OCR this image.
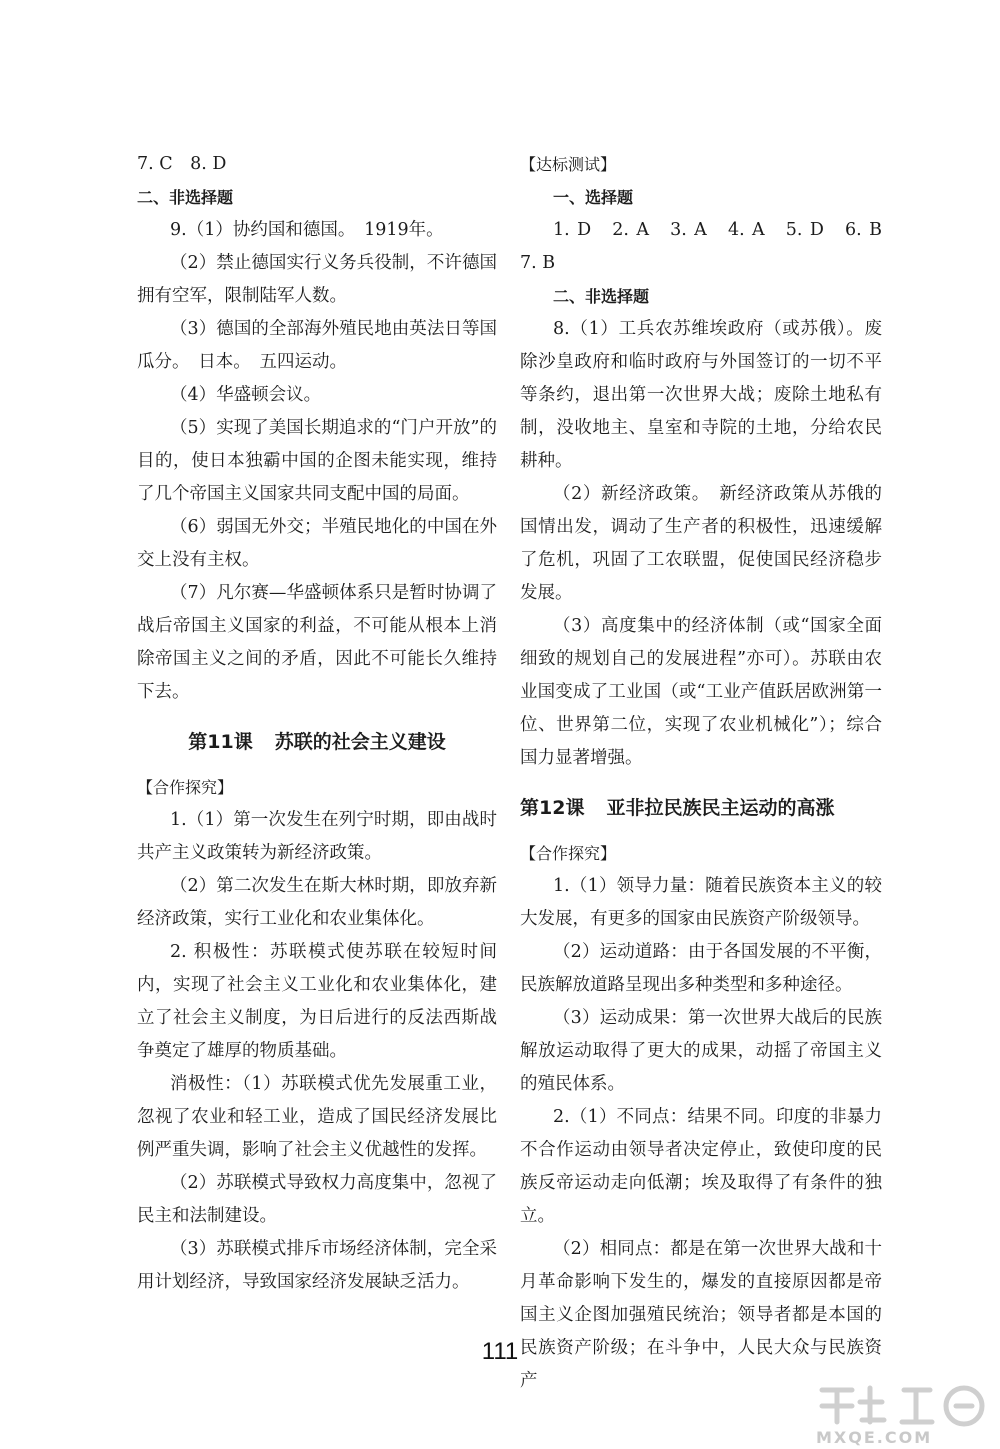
7. C　8. D

二、非选择题

9.（1）协约国和德国。　1919年。

（2）禁止德国实行义务兵役制，不许德国拥有空军，限制陆军人数。

（3）德国的全部海外殖民地由英法日等国瓜分。　日本。　五四运动。

（4）华盛顿会议。

（5）实现了美国长期追求的“门户开放”的目的，使日本独霸中国的企图未能实现，维持了几个帝国主义国家共同支配中国的局面。

（6）弱国无外交；半殖民地化的中国在外交上没有主权。

（7）凡尔赛—华盛顿体系只是暂时协调了战后帝国主义国家的利益，不可能从根本上消除帝国主义之间的矛盾，因此不可能长久维持下去。

第11课 苏联的社会主义建设

【合作探究】

1.（1）第一次发生在列宁时期，即由战时共产主义政策转为新经济政策。

（2）第二次发生在斯大林时期，即放弃新经济政策，实行工业化和农业集体化。

2. 积极性：苏联模式使苏联在较短时间内，实现了社会主义工业化和农业集体化，建立了社会主义制度，为日后进行的反法西斯战争奠定了雄厚的物质基础。

消极性：（1）苏联模式优先发展重工业，忽视了农业和轻工业，造成了国民经济发展比例严重失调，影响了社会主义优越性的发挥。

（2）苏联模式导致权力高度集中，忽视了民主和法制建设。

（3）苏联模式排斥市场经济体制，完全采用计划经济，导致国家经济发展缺乏活力。

【达标测试】

一、选择题

1. D　2. A　3. A　4. A　5. D　6. B　7. B

二、非选择题

8.（1）工兵农苏维埃政府（或苏俄）。废除沙皇政府和临时政府与外国签订的一切不平等条约，退出第一次世界大战；废除土地私有制，没收地主、皇室和寺院的土地，分给农民耕种。

（2）新经济政策。　新经济政策从苏俄的国情出发，调动了生产者的积极性，迅速缓解了危机，巩固了工农联盟，促使国民经济稳步发展。

（3）高度集中的经济体制（或“国家全面细致的规划自己的发展进程”亦可）。苏联由农业国变成了工业国（或“工业产值跃居欧洲第一位、世界第二位，实现了农业机械化”）；综合国力显著增强。

第12课 亚非拉民族民主运动的高涨

【合作探究】

1.（1）领导力量：随着民族资本主义的较大发展，有更多的国家由民族资产阶级领导。

（2）运动道路：由于各国发展的不平衡，民族解放道路呈现出多种类型和多种途径。

（3）运动成果：第一次世界大战后的民族解放运动取得了更大的成果，动摇了帝国主义的殖民体系。

2.（1）不同点：结果不同。印度的非暴力不合作运动由领导者决定停止，致使印度的民族反帝运动走向低潮；埃及取得了有条件的独立。

（2）相同点：都是在第一次世界大战和十月革命影响下发生的，爆发的直接原因都是帝国主义企图加强殖民统治；领导者都是本国的民族资产阶级；在斗争中，人民大众与民族资产

111
MXQE.COM
